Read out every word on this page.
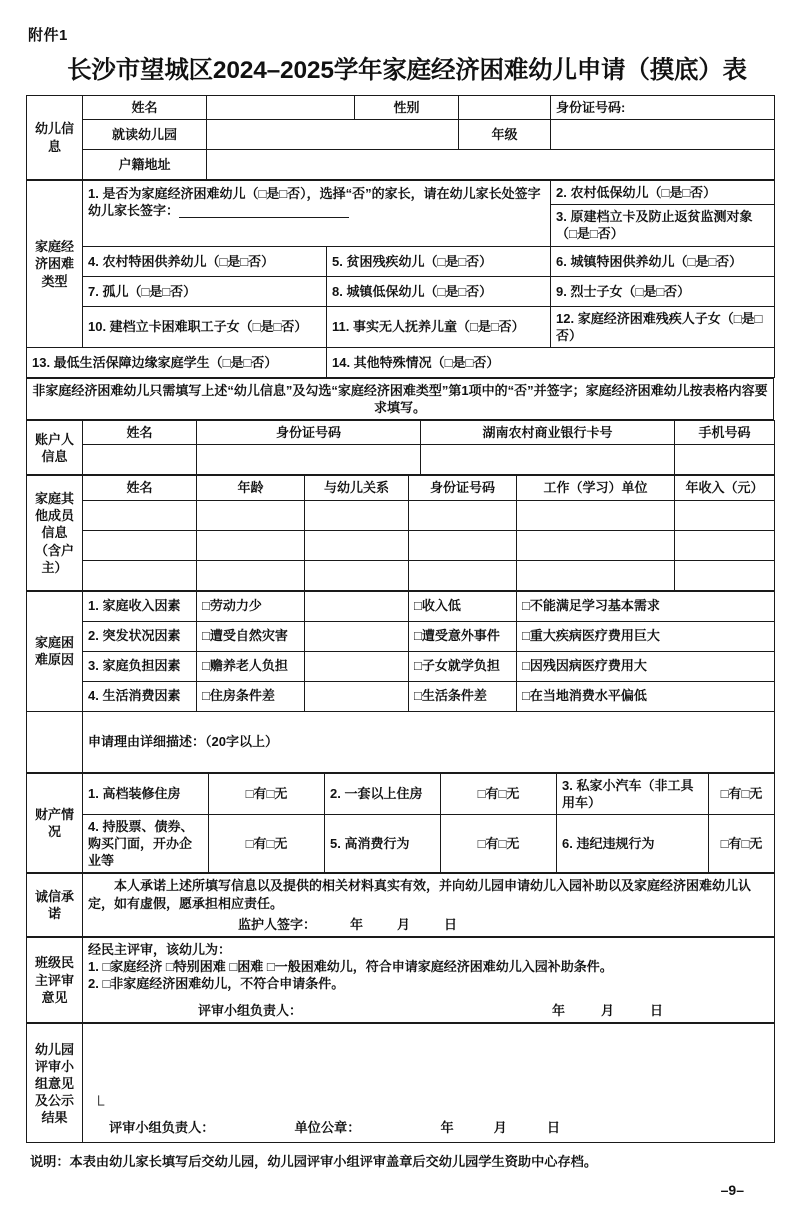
附件1
长沙市望城区2024–2025学年家庭经济困难幼儿申请（摸底）表
幼儿信息	姓名		性别		身份证号码:
	就读幼儿园			年级	
	户籍地址				
家庭经济困难类型	1. 是否为家庭经济困难幼儿（□是□否），选择“否”的家长，请在幼儿家长处签字
幼儿家长签字：		2. 农村低保幼儿（□是□否）
			3. 原建档立卡及防止返贫监测对象（□是□否）
	4. 农村特困供养幼儿（□是□否）	5. 贫困残疾幼儿（□是□否）	6. 城镇特困供养幼儿（□是□否）
	7. 孤儿（□是□否）	8. 城镇低保幼儿（□是□否）	9. 烈士子女（□是□否）
	10. 建档立卡困难职工子女（□是□否）	11. 事实无人抚养儿童（□是□否）	12. 家庭经济困难残疾人子女（□是□否）
13. 最低生活保障边缘家庭学生（□是□否）		14. 其他特殊情况（□是□否）	
非家庭经济困难幼儿只需填写上述“幼儿信息”及勾选“家庭经济困难类型”第1项中的“否”并签字；家庭经济困难幼儿按表格内容要求填写。
账户人信息	姓名	身份证号码	湖南农村商业银行卡号	手机号码

家庭其他成员信息（含户主）	姓名	年龄	与幼儿关系	身份证号码	工作（学习）单位	年收入（元）

家庭困难原因	1. 家庭收入因素	□劳动力少		□收入低	□不能满足学习基本需求
	2. 突发状况因素	□遭受自然灾害		□遭受意外事件	□重大疾病医疗费用巨大
	3. 家庭负担因素	□赡养老人负担		□子女就学负担	□因残因病医疗费用大
	4. 生活消费因素	□住房条件差		□生活条件差	□在当地消费水平偏低
	申请理由详细描述：（20字以上）				
财产情况	1. 高档装修住房	□有□无	2. 一套以上住房	□有□无	3. 私家小汽车（非工具用车）	□有□无
	4. 持股票、债券、购买门面，开办企业等	□有□无	5. 高消费行为	□有□无	6. 违纪违规行为	□有□无
诚信承诺	
本人承诺上述所填写信息以及提供的相关材料真实有效，并向幼儿园申请幼儿入园补助以及家庭经济困难幼儿认定，如有虚假，愿承担相应责任。
监护人签字：	年	月	日
班级民主评审意见	经民主评审，该幼儿为：
1. □家庭经济 □特别困难 □困难 □一般困难幼儿，符合申请家庭经济困难幼儿入园补助条件。
2. □非家庭经济困难幼儿，不符合申请条件。
评审小组负责人：	年	月	日
幼儿园评审小组意见及公示结果	
└
评审小组负责人：	单位公章：	年	月	日
说明：本表由幼儿家长填写后交幼儿园，幼儿园评审小组评审盖章后交幼儿园学生资助中心存档。
–9–
